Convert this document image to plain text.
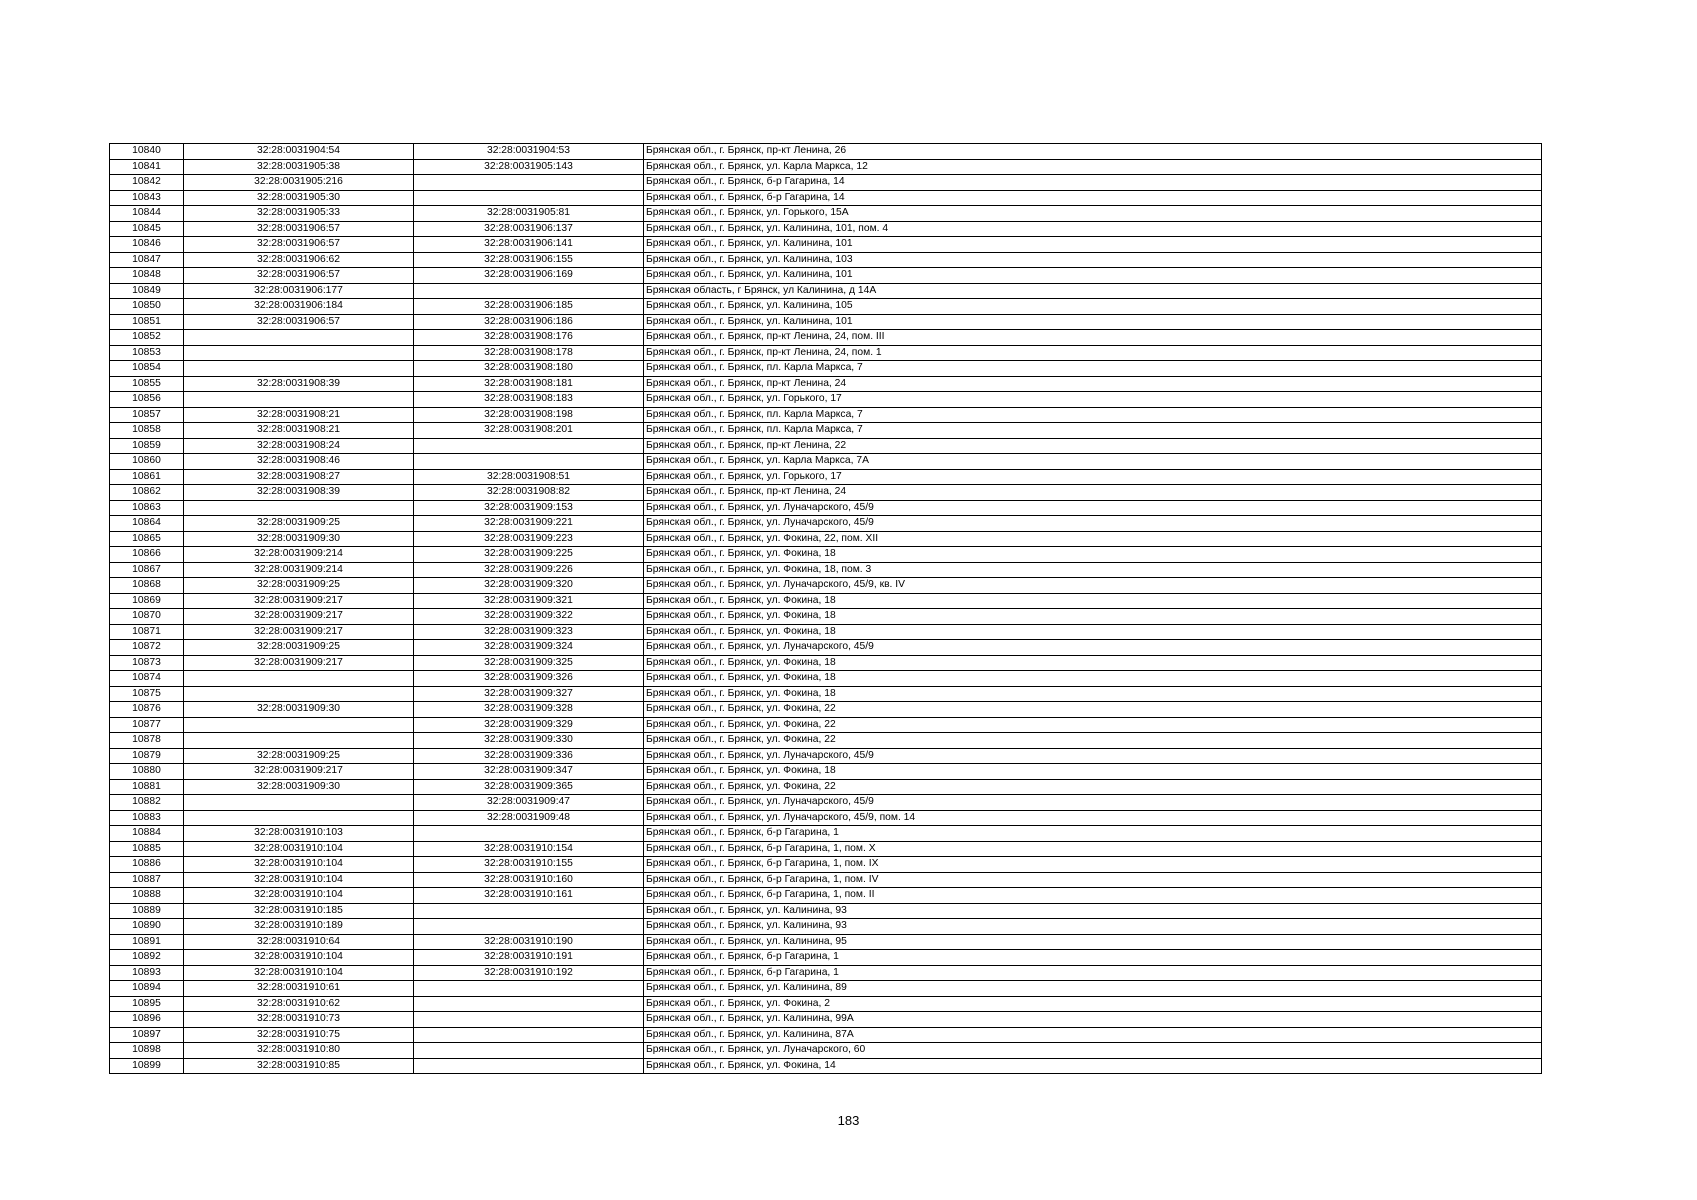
10840	32:28:0031904:54	32:28:0031904:53	Брянская обл., г. Брянск, пр-кт Ленина, 26
10841	32:28:0031905:38	32:28:0031905:143	Брянская обл., г. Брянск, ул. Карла Маркса, 12
10842	32:28:0031905:216		Брянская обл., г. Брянск, б-р Гагарина, 14
10843	32:28:0031905:30		Брянская обл., г. Брянск, б-р Гагарина, 14
10844	32:28:0031905:33	32:28:0031905:81	Брянская обл., г. Брянск, ул. Горького, 15А
10845	32:28:0031906:57	32:28:0031906:137	Брянская обл., г. Брянск, ул. Калинина, 101, пом. 4
10846	32:28:0031906:57	32:28:0031906:141	Брянская обл., г. Брянск, ул. Калинина, 101
10847	32:28:0031906:62	32:28:0031906:155	Брянская обл., г. Брянск, ул. Калинина, 103
10848	32:28:0031906:57	32:28:0031906:169	Брянская обл., г. Брянск, ул. Калинина, 101
10849	32:28:0031906:177		Брянская область, г Брянск, ул Калинина, д 14А
10850	32:28:0031906:184	32:28:0031906:185	Брянская обл., г. Брянск, ул. Калинина, 105
10851	32:28:0031906:57	32:28:0031906:186	Брянская обл., г. Брянск, ул. Калинина, 101
10852		32:28:0031908:176	Брянская обл., г. Брянск, пр-кт Ленина, 24, пом. III
10853		32:28:0031908:178	Брянская обл., г. Брянск, пр-кт Ленина, 24, пом. 1
10854		32:28:0031908:180	Брянская обл., г. Брянск, пл. Карла Маркса, 7
10855	32:28:0031908:39	32:28:0031908:181	Брянская обл., г. Брянск, пр-кт Ленина, 24
10856		32:28:0031908:183	Брянская обл., г. Брянск, ул. Горького, 17
10857	32:28:0031908:21	32:28:0031908:198	Брянская обл., г. Брянск, пл. Карла Маркса, 7
10858	32:28:0031908:21	32:28:0031908:201	Брянская обл., г. Брянск, пл. Карла Маркса, 7
10859	32:28:0031908:24		Брянская обл., г. Брянск, пр-кт Ленина, 22
10860	32:28:0031908:46		Брянская обл., г. Брянск, ул. Карла Маркса, 7А
10861	32:28:0031908:27	32:28:0031908:51	Брянская обл., г. Брянск, ул. Горького, 17
10862	32:28:0031908:39	32:28:0031908:82	Брянская обл., г. Брянск, пр-кт Ленина, 24
10863		32:28:0031909:153	Брянская обл., г. Брянск, ул. Луначарского, 45/9
10864	32:28:0031909:25	32:28:0031909:221	Брянская обл., г. Брянск, ул. Луначарского, 45/9
10865	32:28:0031909:30	32:28:0031909:223	Брянская обл., г. Брянск, ул. Фокина, 22, пом. XII
10866	32:28:0031909:214	32:28:0031909:225	Брянская обл., г. Брянск, ул. Фокина, 18
10867	32:28:0031909:214	32:28:0031909:226	Брянская обл., г. Брянск, ул. Фокина, 18, пом. 3
10868	32:28:0031909:25	32:28:0031909:320	Брянская обл., г. Брянск, ул. Луначарского, 45/9, кв. IV
10869	32:28:0031909:217	32:28:0031909:321	Брянская обл., г. Брянск, ул. Фокина, 18
10870	32:28:0031909:217	32:28:0031909:322	Брянская обл., г. Брянск, ул. Фокина, 18
10871	32:28:0031909:217	32:28:0031909:323	Брянская обл., г. Брянск, ул. Фокина, 18
10872	32:28:0031909:25	32:28:0031909:324	Брянская обл., г. Брянск, ул. Луначарского, 45/9
10873	32:28:0031909:217	32:28:0031909:325	Брянская обл., г. Брянск, ул. Фокина, 18
10874		32:28:0031909:326	Брянская обл., г. Брянск, ул. Фокина, 18
10875		32:28:0031909:327	Брянская обл., г. Брянск, ул. Фокина, 18
10876	32:28:0031909:30	32:28:0031909:328	Брянская обл., г. Брянск, ул. Фокина, 22
10877		32:28:0031909:329	Брянская обл., г. Брянск, ул. Фокина, 22
10878		32:28:0031909:330	Брянская обл., г. Брянск, ул. Фокина, 22
10879	32:28:0031909:25	32:28:0031909:336	Брянская обл., г. Брянск, ул. Луначарского, 45/9
10880	32:28:0031909:217	32:28:0031909:347	Брянская обл., г. Брянск, ул. Фокина, 18
10881	32:28:0031909:30	32:28:0031909:365	Брянская обл., г. Брянск, ул. Фокина, 22
10882		32:28:0031909:47	Брянская обл., г. Брянск, ул. Луначарского, 45/9
10883		32:28:0031909:48	Брянская обл., г. Брянск, ул. Луначарского, 45/9, пом. 14
10884	32:28:0031910:103		Брянская обл., г. Брянск, б-р Гагарина, 1
10885	32:28:0031910:104	32:28:0031910:154	Брянская обл., г. Брянск, б-р Гагарина, 1, пом. X
10886	32:28:0031910:104	32:28:0031910:155	Брянская обл., г. Брянск, б-р Гагарина, 1, пом. IX
10887	32:28:0031910:104	32:28:0031910:160	Брянская обл., г. Брянск, б-р Гагарина, 1, пом. IV
10888	32:28:0031910:104	32:28:0031910:161	Брянская обл., г. Брянск, б-р Гагарина, 1, пом. II
10889	32:28:0031910:185		Брянская обл., г. Брянск, ул. Калинина, 93
10890	32:28:0031910:189		Брянская обл., г. Брянск, ул. Калинина, 93
10891	32:28:0031910:64	32:28:0031910:190	Брянская обл., г. Брянск, ул. Калинина, 95
10892	32:28:0031910:104	32:28:0031910:191	Брянская обл., г. Брянск, б-р Гагарина, 1
10893	32:28:0031910:104	32:28:0031910:192	Брянская обл., г. Брянск, б-р Гагарина, 1
10894	32:28:0031910:61		Брянская обл., г. Брянск, ул. Калинина, 89
10895	32:28:0031910:62		Брянская обл., г. Брянск, ул. Фокина, 2
10896	32:28:0031910:73		Брянская обл., г. Брянск, ул. Калинина, 99А
10897	32:28:0031910:75		Брянская обл., г. Брянск, ул. Калинина, 87А
10898	32:28:0031910:80		Брянская обл., г. Брянск, ул. Луначарского, 60
10899	32:28:0031910:85		Брянская обл., г. Брянск, ул. Фокина, 14
183
